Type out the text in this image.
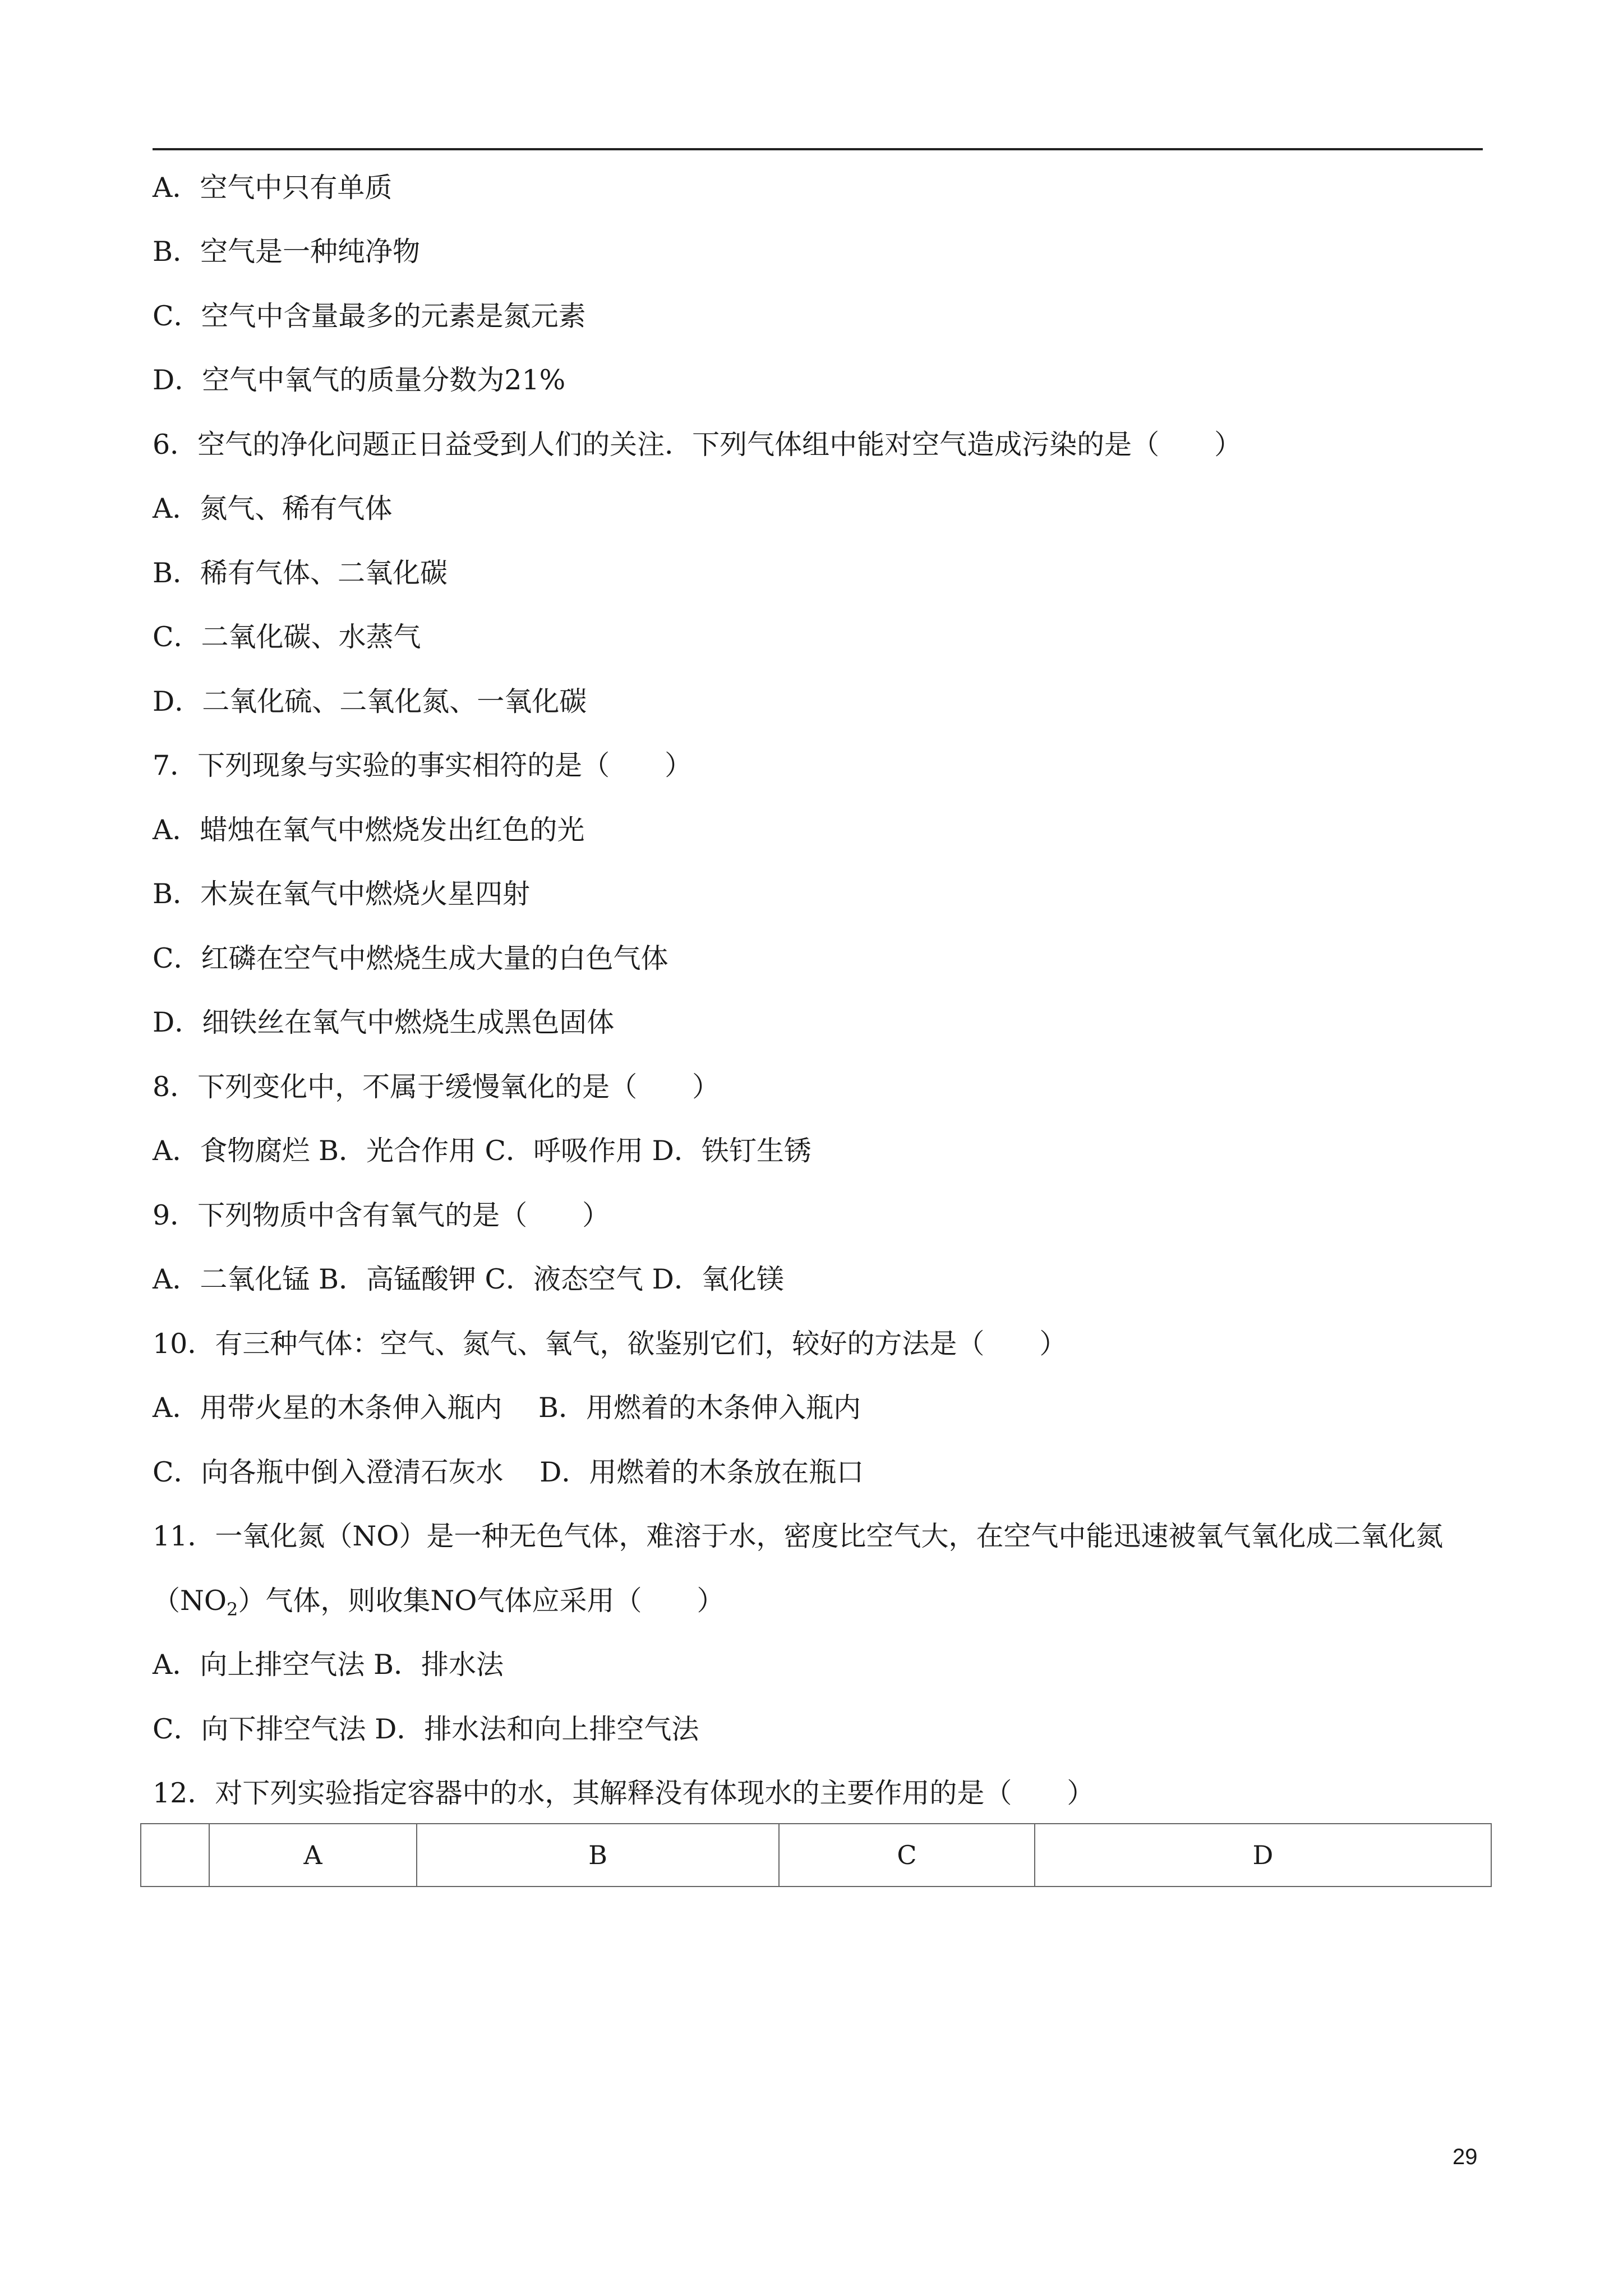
A．空气中只有单质
B．空气是一种纯净物
C．空气中含量最多的元素是氮元素
D．空气中氧气的质量分数为21%
6．空气的净化问题正日益受到人们的关注．下列气体组中能对空气造成污染的是（　　）
A．氮气、稀有气体
B．稀有气体、二氧化碳
C．二氧化碳、水蒸气
D．二氧化硫、二氧化氮、一氧化碳
7．下列现象与实验的事实相符的是（　　）
A．蜡烛在氧气中燃烧发出红色的光
B．木炭在氧气中燃烧火星四射
C．红磷在空气中燃烧生成大量的白色气体
D．细铁丝在氧气中燃烧生成黑色固体
8．下列变化中，不属于缓慢氧化的是（　　）
A．食物腐烂 B．光合作用 C．呼吸作用 D．铁钉生锈
9．下列物质中含有氧气的是（　　）
A．二氧化锰 B．高锰酸钾 C．液态空气 D．氧化镁
10．有三种气体：空气、氮气、氧气，欲鉴别它们，较好的方法是（　　）
A．用带火星的木条伸入瓶内　 B．用燃着的木条伸入瓶内
C．向各瓶中倒入澄清石灰水　 D．用燃着的木条放在瓶口
11．一氧化氮（NO）是一种无色气体，难溶于水，密度比空气大，在空气中能迅速被氧气氧化成二氧化氮
$(NO_2)$气体，则收集NO气体应采用（　　）
A．向上排空气法 B．排水法
C．向下排空气法 D．排水法和向上排空气法
12．对下列实验指定容器中的水，其解释没有体现水的主要作用的是（　　）
	A	B	C	D
29
